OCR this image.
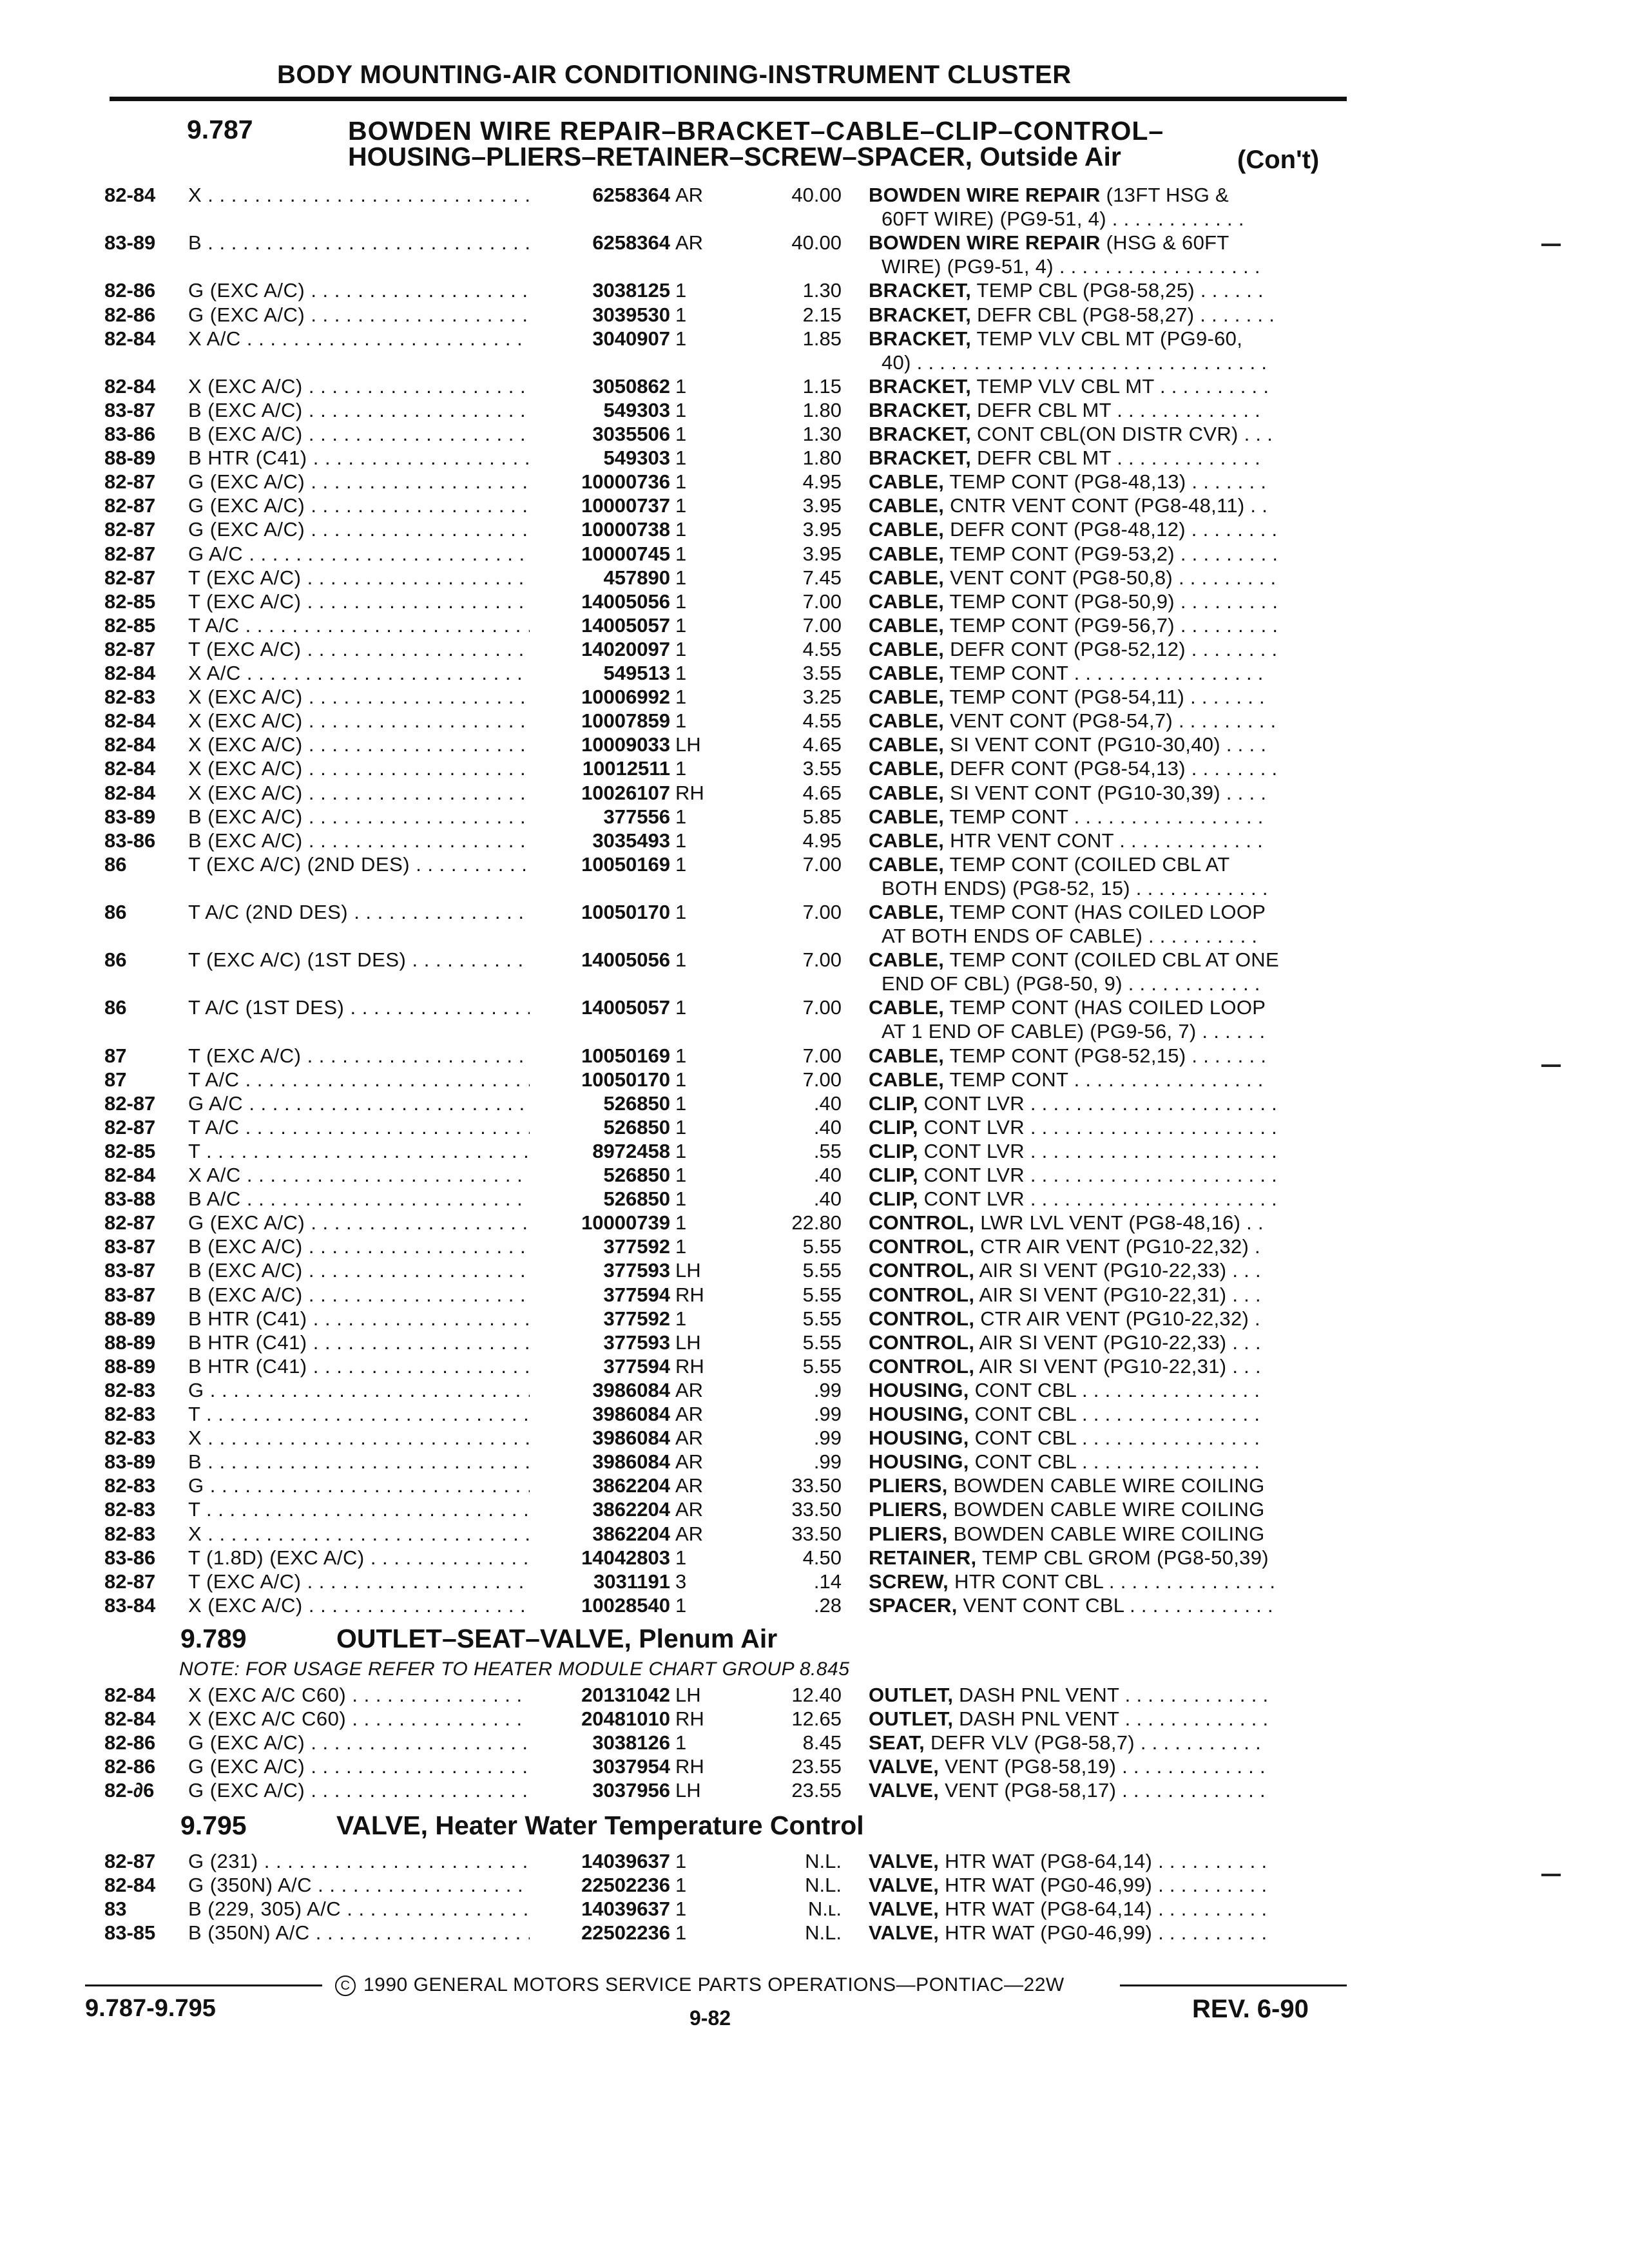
BODY MOUNTING-AIR CONDITIONING-INSTRUMENT CLUSTER
9.787	BOWDEN WIRE REPAIR–BRACKET–CABLE–CLIP–CONTROL–
HOUSING–PLIERS–RETAINER–SCREW–SPACER, Outside Air	(Con't)
9.789	OUTLET–SEAT–VALVE, Plenum Air
NOTE: FOR USAGE REFER TO HEATER MODULE CHART GROUP 8.845
9.795	VALVE, Heater Water Temperature Control
82-84 X . . .	6258364 AR	40.00 BOWDEN WIRE REPAIR (13FT HSG &
60FT WIRE) (PG9-51, 4) . . . . . . . . . . . .
83-89 B . . .	6258364 AR	40.00 BOWDEN WIRE REPAIR (HSG & 60FT
WIRE) (PG9-51, 4) . . . . . . . . . . . . . . . . . .
82-86 G (EXC A/C) . . .	3038125 1	1.30 BRACKET, TEMP CBL (PG8-58,25) . . . . . .
82-86 G (EXC A/C) . . .	3039530 1	2.15 BRACKET, DEFR CBL (PG8-58,27) . . . . . . .
82-84 X A/C . . .	3040907 1	1.85 BRACKET, TEMP VLV CBL MT (PG9-60,
40) . . . . . . . . . . . . . . . . . . . . . . . . . . . . . . .
82-84 X (EXC A/C) . . .	3050862 1	1.15 BRACKET, TEMP VLV CBL MT . . . . . . . . . .
83-87 B (EXC A/C) . . .	549303 1	1.80 BRACKET, DEFR CBL MT . . . . . . . . . . . . .
83-86 B (EXC A/C) . . .	3035506 1	1.30 BRACKET, CONT CBL(ON DISTR CVR) . . .
88-89 B HTR (C41) . . .	549303 1	1.80 BRACKET, DEFR CBL MT . . . . . . . . . . . . .
82-87 G (EXC A/C) . . .	10000736 1	4.95 CABLE, TEMP CONT (PG8-48,13) . . . . . . .
82-87 G (EXC A/C) . . .	10000737 1	3.95 CABLE, CNTR VENT CONT (PG8-48,11) . .
82-87 G (EXC A/C) . . .	10000738 1	3.95 CABLE, DEFR CONT (PG8-48,12) . . . . . . . .
82-87 G A/C . . .	10000745 1	3.95 CABLE, TEMP CONT (PG9-53,2) . . . . . . . . .
82-87 T (EXC A/C) . . .	457890 1	7.45 CABLE, VENT CONT (PG8-50,8) . . . . . . . . .
82-85 T (EXC A/C) . . .	14005056 1	7.00 CABLE, TEMP CONT (PG8-50,9) . . . . . . . . .
82-85 T A/C . . .	14005057 1	7.00 CABLE, TEMP CONT (PG9-56,7) . . . . . . . . .
82-87 T (EXC A/C) . . .	14020097 1	4.55 CABLE, DEFR CONT (PG8-52,12) . . . . . . . .
82-84 X A/C . . .	549513 1	3.55 CABLE, TEMP CONT . . . . . . . . . . . . . . . . .
82-83 X (EXC A/C) . . .	10006992 1	3.25 CABLE, TEMP CONT (PG8-54,11) . . . . . . .
82-84 X (EXC A/C) . . .	10007859 1	4.55 CABLE, VENT CONT (PG8-54,7) . . . . . . . . .
82-84 X (EXC A/C) . . .	10009033 LH	4.65 CABLE, SI VENT CONT (PG10-30,40) . . . .
82-84 X (EXC A/C) . . .	10012511 1	3.55 CABLE, DEFR CONT (PG8-54,13) . . . . . . . .
82-84 X (EXC A/C) . . .	10026107 RH	4.65 CABLE, SI VENT CONT (PG10-30,39) . . . .
83-89 B (EXC A/C) . . .	377556 1	5.85 CABLE, TEMP CONT . . . . . . . . . . . . . . . . .
83-86 B (EXC A/C) . . .	3035493 1	4.95 CABLE, HTR VENT CONT . . . . . . . . . . . . .
86	T (EXC A/C) (2ND DES) . . .	10050169 1	7.00 CABLE, TEMP CONT (COILED CBL AT
BOTH ENDS) (PG8-52, 15) . . . . . . . . . . . .
86	T A/C (2ND DES) . . .	10050170 1	7.00 CABLE, TEMP CONT (HAS COILED LOOP
AT BOTH ENDS OF CABLE) . . . . . . . . . .
86	T (EXC A/C) (1ST DES) . . .	14005056 1	7.00 CABLE, TEMP CONT (COILED CBL AT ONE
END OF CBL) (PG8-50, 9) . . . . . . . . . . . .
86	T A/C (1ST DES) . . .	14005057 1	7.00 CABLE, TEMP CONT (HAS COILED LOOP
AT 1 END OF CABLE) (PG9-56, 7) . . . . . .
87	T (EXC A/C) . . .	10050169 1	7.00 CABLE, TEMP CONT (PG8-52,15) . . . . . . .
87	T A/C . . .	10050170 1	7.00 CABLE, TEMP CONT . . . . . . . . . . . . . . . . .
82-87 G A/C . . .	526850 1	.40 CLIP, CONT LVR . . . . . . . . . . . . . . . . . . . . . .
82-87 T A/C . . .	526850 1	.40 CLIP, CONT LVR . . . . . . . . . . . . . . . . . . . . . .
82-85 T . . .	8972458 1	.55 CLIP, CONT LVR . . . . . . . . . . . . . . . . . . . . . .
82-84 X A/C . . .	526850 1	.40 CLIP, CONT LVR . . . . . . . . . . . . . . . . . . . . . .
83-88 B A/C . . .	526850 1	.40 CLIP, CONT LVR . . . . . . . . . . . . . . . . . . . . . .
82-87 G (EXC A/C) . . .	10000739 1	22.80 CONTROL, LWR LVL VENT (PG8-48,16) . .
83-87 B (EXC A/C) . . .	377592 1	5.55 CONTROL, CTR AIR VENT (PG10-22,32) .
83-87 B (EXC A/C) . . .	377593 LH	5.55 CONTROL, AIR SI VENT (PG10-22,33) . . .
83-87 B (EXC A/C) . . .	377594 RH	5.55 CONTROL, AIR SI VENT (PG10-22,31) . . .
88-89 B HTR (C41) . . .	377592 1	5.55 CONTROL, CTR AIR VENT (PG10-22,32) .
88-89 B HTR (C41) . . .	377593 LH	5.55 CONTROL, AIR SI VENT (PG10-22,33) . . .
88-89 B HTR (C41) . . .	377594 RH	5.55 CONTROL, AIR SI VENT (PG10-22,31) . . .
82-83 G . . .	3986084 AR	.99 HOUSING, CONT CBL . . . . . . . . . . . . . . . .
82-83 T . . .	3986084 AR	.99 HOUSING, CONT CBL . . . . . . . . . . . . . . . .
82-83 X . . .	3986084 AR	.99 HOUSING, CONT CBL . . . . . . . . . . . . . . . .
83-89 B . . .	3986084 AR	.99 HOUSING, CONT CBL . . . . . . . . . . . . . . . .
82-83 G . . .	3862204 AR	33.50 PLIERS, BOWDEN CABLE WIRE COILING
82-83 T . . .	3862204 AR	33.50 PLIERS, BOWDEN CABLE WIRE COILING
82-83 X . . .	3862204 AR	33.50 PLIERS, BOWDEN CABLE WIRE COILING
83-86 T (1.8D) (EXC A/C) . . .	14042803 1	4.50 RETAINER, TEMP CBL GROM (PG8-50,39)
82-87 T (EXC A/C) . . .	3031191 3	.14 SCREW, HTR CONT CBL . . . . . . . . . . . . . . .
83-84 X (EXC A/C) . . .	10028540 1	.28 SPACER, VENT CONT CBL . . . . . . . . . . . . .
82-84 X (EXC A/C C60) . . .	20131042 LH	12.40 OUTLET, DASH PNL VENT . . . . . . . . . . . . .
82-84 X (EXC A/C C60) . . .	20481010 RH	12.65 OUTLET, DASH PNL VENT . . . . . . . . . . . . .
82-86 G (EXC A/C) . . .	3038126 1	8.45 SEAT, DEFR VLV (PG8-58,7) . . . . . . . . . . .
82-86 G (EXC A/C) . . .	3037954 RH	23.55 VALVE, VENT (PG8-58,19) . . . . . . . . . . . . .
82-∂6 G (EXC A/C) . . .	3037956 LH	23.55 VALVE, VENT (PG8-58,17) . . . . . . . . . . . . .
82-87 G (231) . . .	14039637 1	N.L. VALVE, HTR WAT (PG8-64,14) . . . . . . . . . .
82-84 G (350N) A/C . . .	22502236 1	N.L. VALVE, HTR WAT (PG0-46,99) . . . . . . . . . .
83	B (229, 305) A/C . . .	14039637 1	N.ʟ. VALVE, HTR WAT (PG8-64,14) . . . . . . . . . .
83-85 B (350N) A/C . . .	22502236 1	N.L. VALVE, HTR WAT (PG0-46,99) . . . . . . . . . .
C 1990 GENERAL MOTORS SERVICE PARTS OPERATIONS—PONTIAC—22W
9.787-9.795	9-82	REV. 6-90
